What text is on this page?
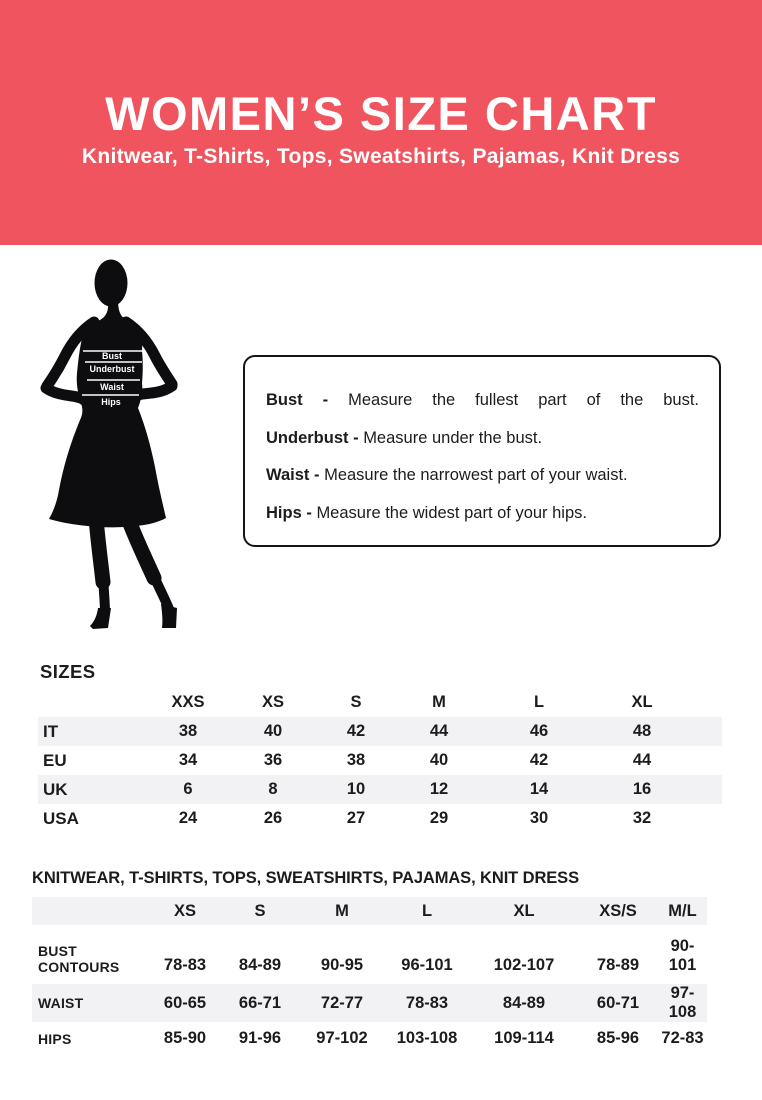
WOMEN’S SIZE CHART
Knitwear, T-Shirts, Tops, Sweatshirts, Pajamas, Knit Dress
Bust
Underbust
Waist
Hips	Bust - Measure the fullest part of the bust.
Underbust - Measure under the bust.
Waist - Measure the narrowest part of your waist.
Hips - Measure the widest part of your hips.
SIZES
	XXS	XS	S	M	L	XL	
IT	38	40	42	44	46	48	
EU	34	36	38	40	42	44	
UK	6	8	10	12	14	16	
USA	24	26	27	29	30	32	
KNITWEAR, T-SHIRTS, TOPS, SWEATSHIRTS, PAJAMAS, KNIT DRESS
	XS	S	M	L	XL	XS/S	M/L
BUST CONTOURS	78-83	84-89	90-95	96-101	102-107	78-89	90-101
WAIST	60-65	66-71	72-77	78-83	84-89	60-71	97-108
HIPS	85-90	91-96	97-102	103-108	109-114	85-96	72-83
